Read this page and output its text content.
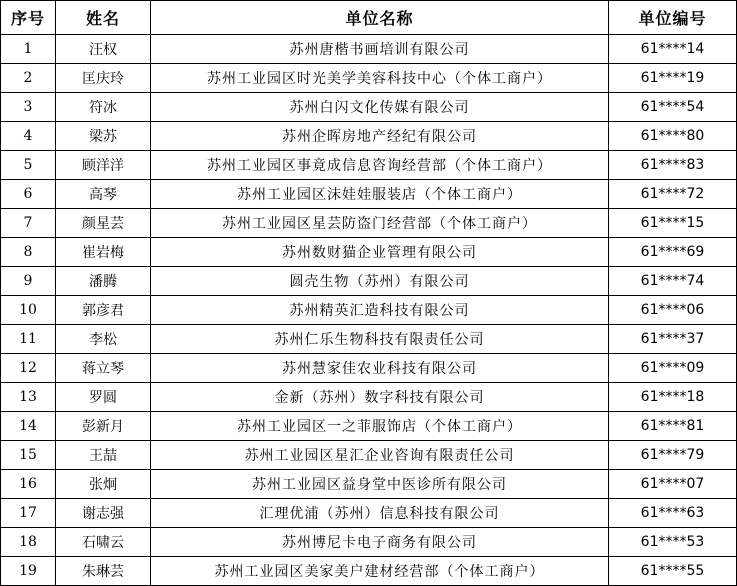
序号	姓名	单位名称	单位编号
1	汪权	苏州唐楷书画培训有限公司	61****14
2	匡庆玲	苏州工业园区时光美学美容科技中心（个体工商户）	61****19
3	符冰	苏州白闪文化传媒有限公司	61****54
4	梁苏	苏州企晖房地产经纪有限公司	61****80
5	顾洋洋	苏州工业园区事竟成信息咨询经营部（个体工商户）	61****83
6	高琴	苏州工业园区沫娃娃服装店（个体工商户）	61****72
7	颜星芸	苏州工业园区星芸防盗门经营部（个体工商户）	61****15
8	崔岩梅	苏州数财猫企业管理有限公司	61****69
9	潘腾	圆壳生物（苏州）有限公司	61****74
10	郭彦君	苏州精英汇造科技有限公司	61****06
11	李松	苏州仁乐生物科技有限责任公司	61****37
12	蒋立琴	苏州慧家佳农业科技有限公司	61****09
13	罗圆	金新（苏州）数字科技有限公司	61****18
14	彭新月	苏州工业园区一之菲服饰店（个体工商户）	61****81
15	王喆	苏州工业园区星汇企业咨询有限责任公司	61****79
16	张炯	苏州工业园区益身堂中医诊所有限公司	61****07
17	谢志强	汇理优浦（苏州）信息科技有限公司	61****63
18	石啸云	苏州博尼卡电子商务有限公司	61****53
19	朱琳芸	苏州工业园区美家美户建材经营部（个体工商户）	61****55
